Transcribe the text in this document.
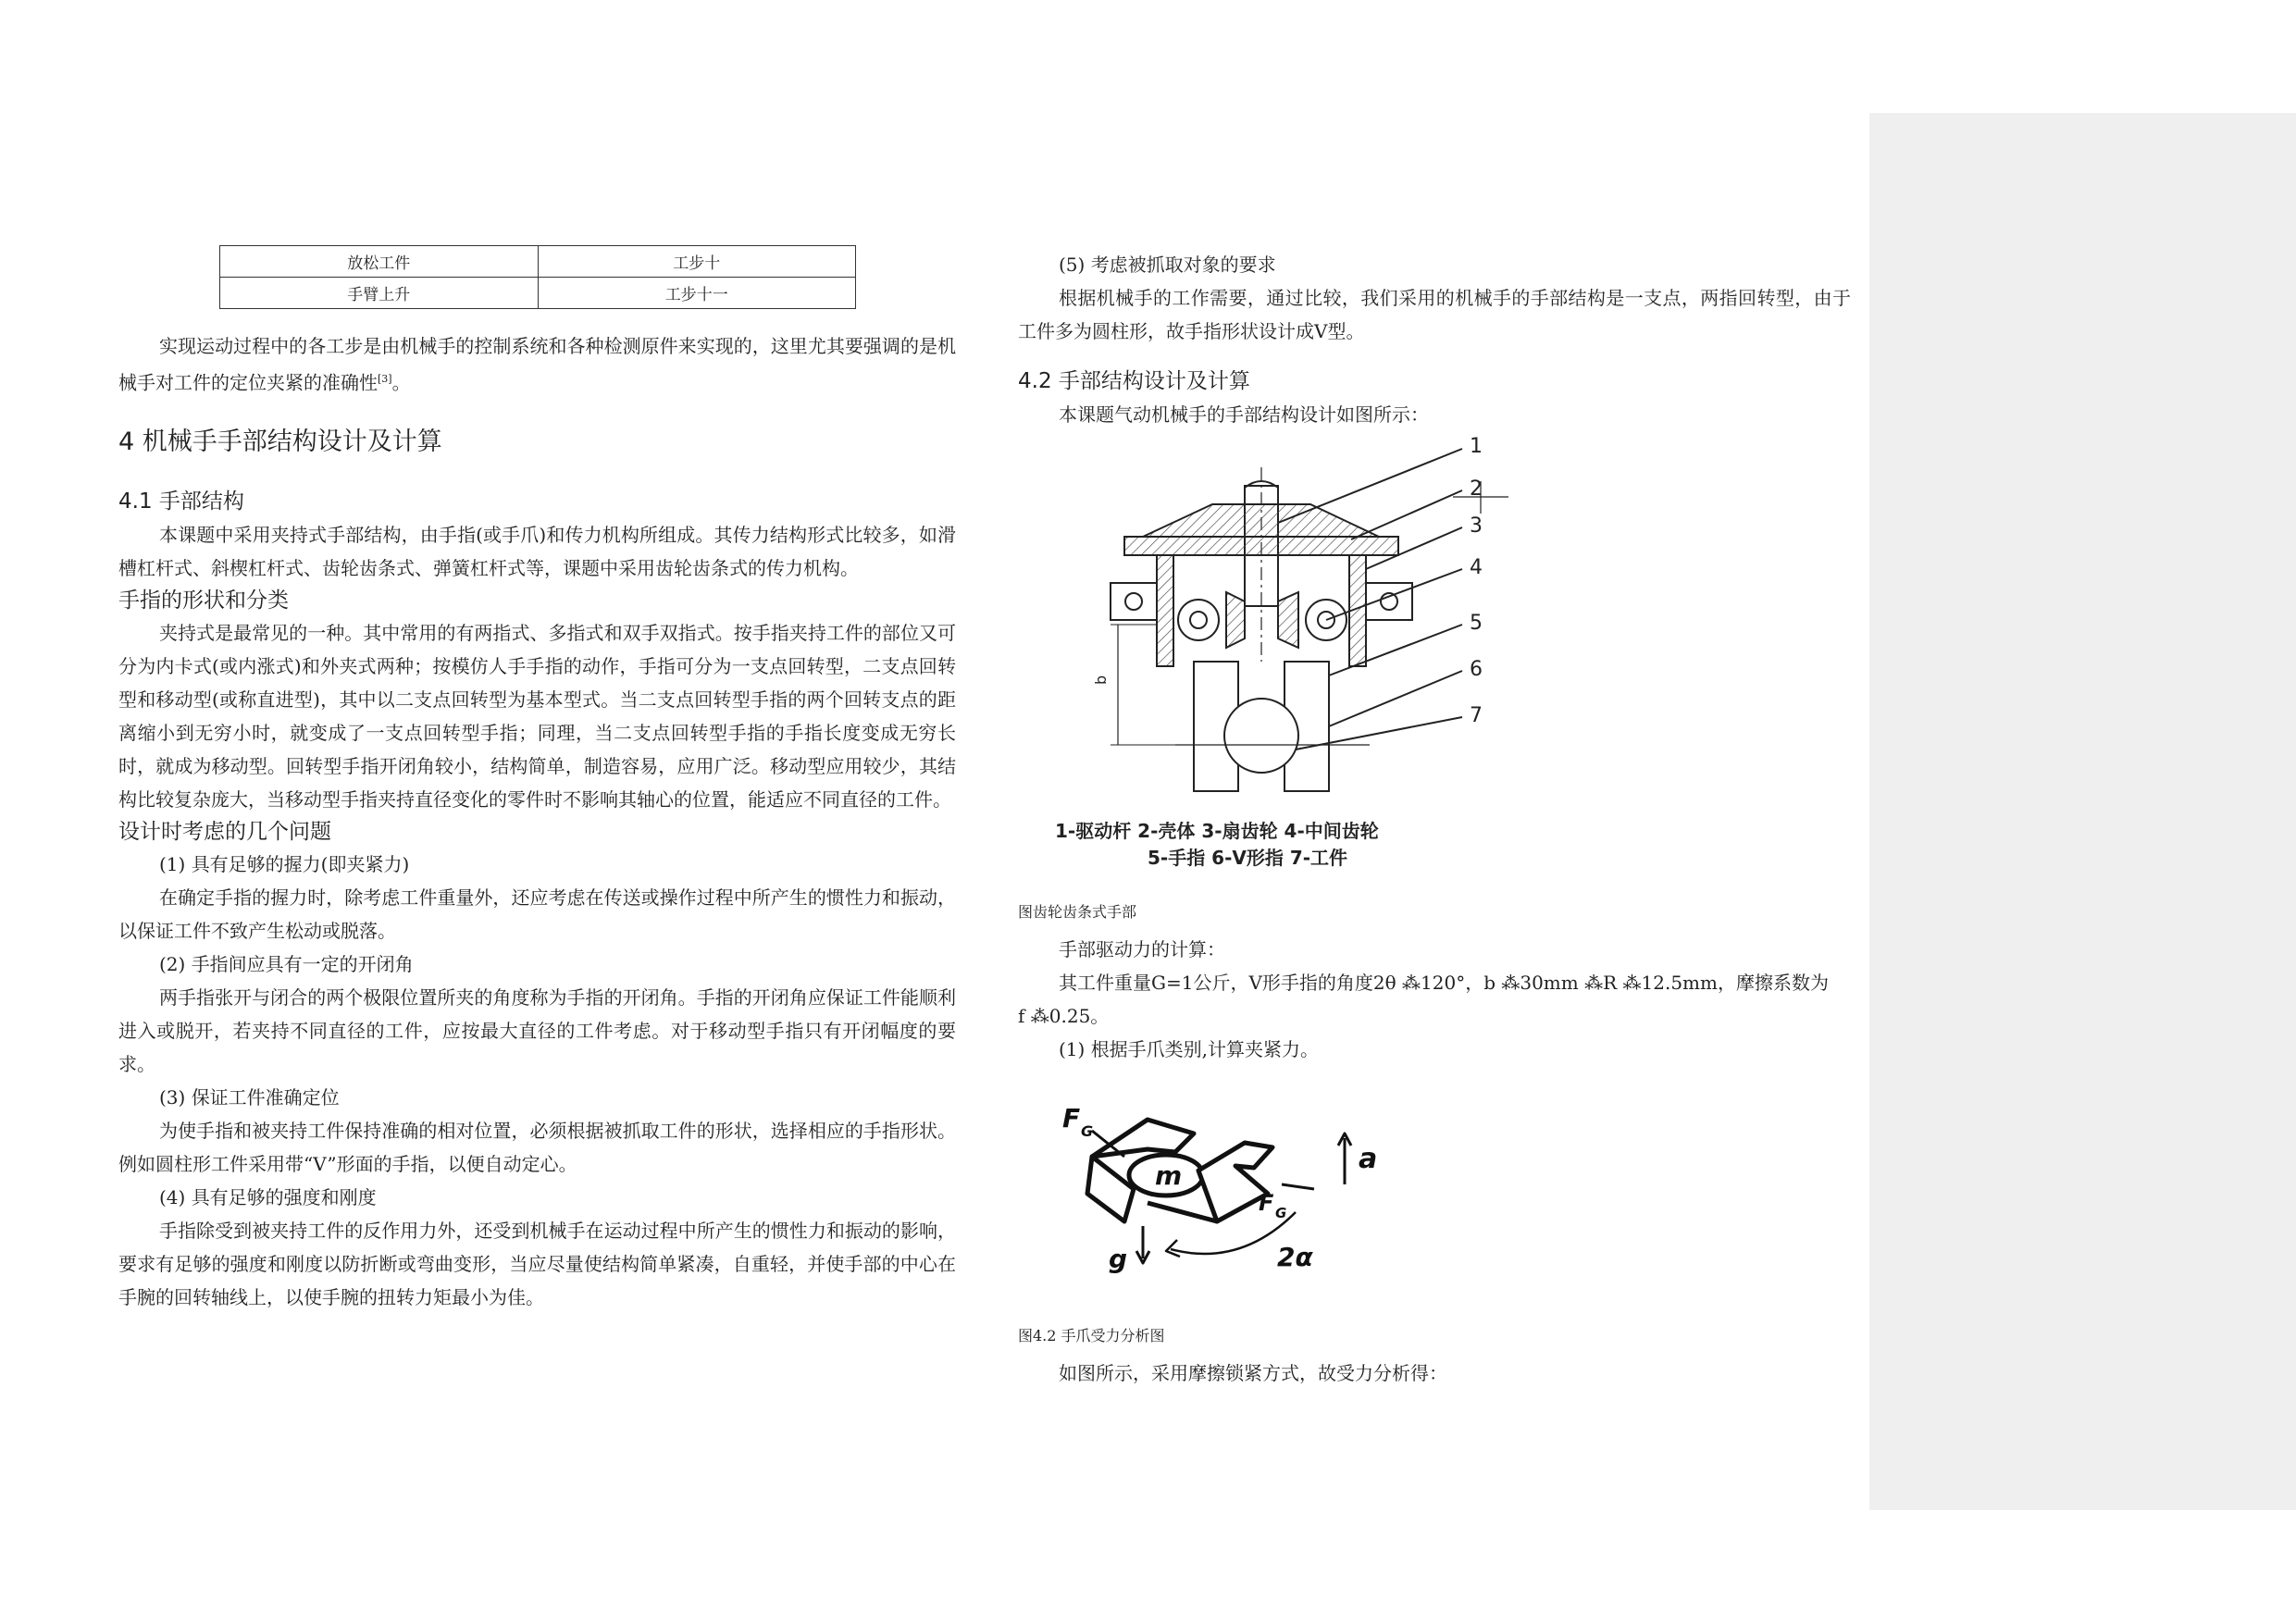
放松工件	工步十
手臂上升	工步十一

实现运动过程中的各工步是由机械手的控制系统和各种检测原件来实现的，这里尤其要强调的是机械手对工件的定位夹紧的准确性[3]。

4 机械手手部结构设计及计算
4.1 手部结构

本课题中采用夹持式手部结构，由手指(或手爪)和传力机构所组成。其传力结构形式比较多，如滑槽杠杆式、斜楔杠杆式、齿轮齿条式、弹簧杠杆式等，课题中采用齿轮齿条式的传力机构。

手指的形状和分类

夹持式是最常见的一种。其中常用的有两指式、多指式和双手双指式。按手指夹持工件的部位又可分为内卡式(或内涨式)和外夹式两种；按模仿人手手指的动作，手指可分为一支点回转型，二支点回转型和移动型(或称直进型)，其中以二支点回转型为基本型式。当二支点回转型手指的两个回转支点的距离缩小到无穷小时，就变成了一支点回转型手指；同理，当二支点回转型手指的手指长度变成无穷长时，就成为移动型。回转型手指开闭角较小，结构简单，制造容易，应用广泛。移动型应用较少，其结构比较复杂庞大，当移动型手指夹持直径变化的零件时不影响其轴心的位置，能适应不同直径的工件。

设计时考虑的几个问题
(1) 具有足够的握力(即夹紧力)

在确定手指的握力时，除考虑工件重量外，还应考虑在传送或操作过程中所产生的惯性力和振动，以保证工件不致产生松动或脱落。

(2) 手指间应具有一定的开闭角

两手指张开与闭合的两个极限位置所夹的角度称为手指的开闭角。手指的开闭角应保证工件能顺利进入或脱开，若夹持不同直径的工件，应按最大直径的工件考虑。对于移动型手指只有开闭幅度的要求。

(3) 保证工件准确定位

为使手指和被夹持工件保持准确的相对位置，必须根据被抓取工件的形状，选择相应的手指形状。例如圆柱形工件采用带“V”形面的手指，以便自动定心。

(4) 具有足够的强度和刚度

手指除受到被夹持工件的反作用力外，还受到机械手在运动过程中所产生的惯性力和振动的影响，要求有足够的强度和刚度以防折断或弯曲变形，当应尽量使结构简单紧凑，自重轻，并使手部的中心在手腕的回转轴线上，以使手腕的扭转力矩最小为佳。

(5) 考虑被抓取对象的要求

根据机械手的工作需要，通过比较，我们采用的机械手的手部结构是一支点，两指回转型，由于工件多为圆柱形，故手指形状设计成V型。

4.2 手部结构设计及计算

本课题气动机械手的手部结构设计如图所示：

1
2
3
4
5
6
7
b
1-驱动杆 2-壳体 3-扇齿轮 4-中间齿轮
5-手指 6-V形指 7-工件
图齿轮齿条式手部
手部驱动力的计算：
其工件重量G=1公斤，V形手指的角度2θ ⁂120°，b ⁂30mm ⁂R ⁂12.5mm，摩擦系数为
f ⁂0.25。
(1) 根据手爪类别,计算夹紧力。
F G
m
F G
a
g	2α
图4.2 手爪受力分析图
如图所示，采用摩擦锁紧方式，故受力分析得：
